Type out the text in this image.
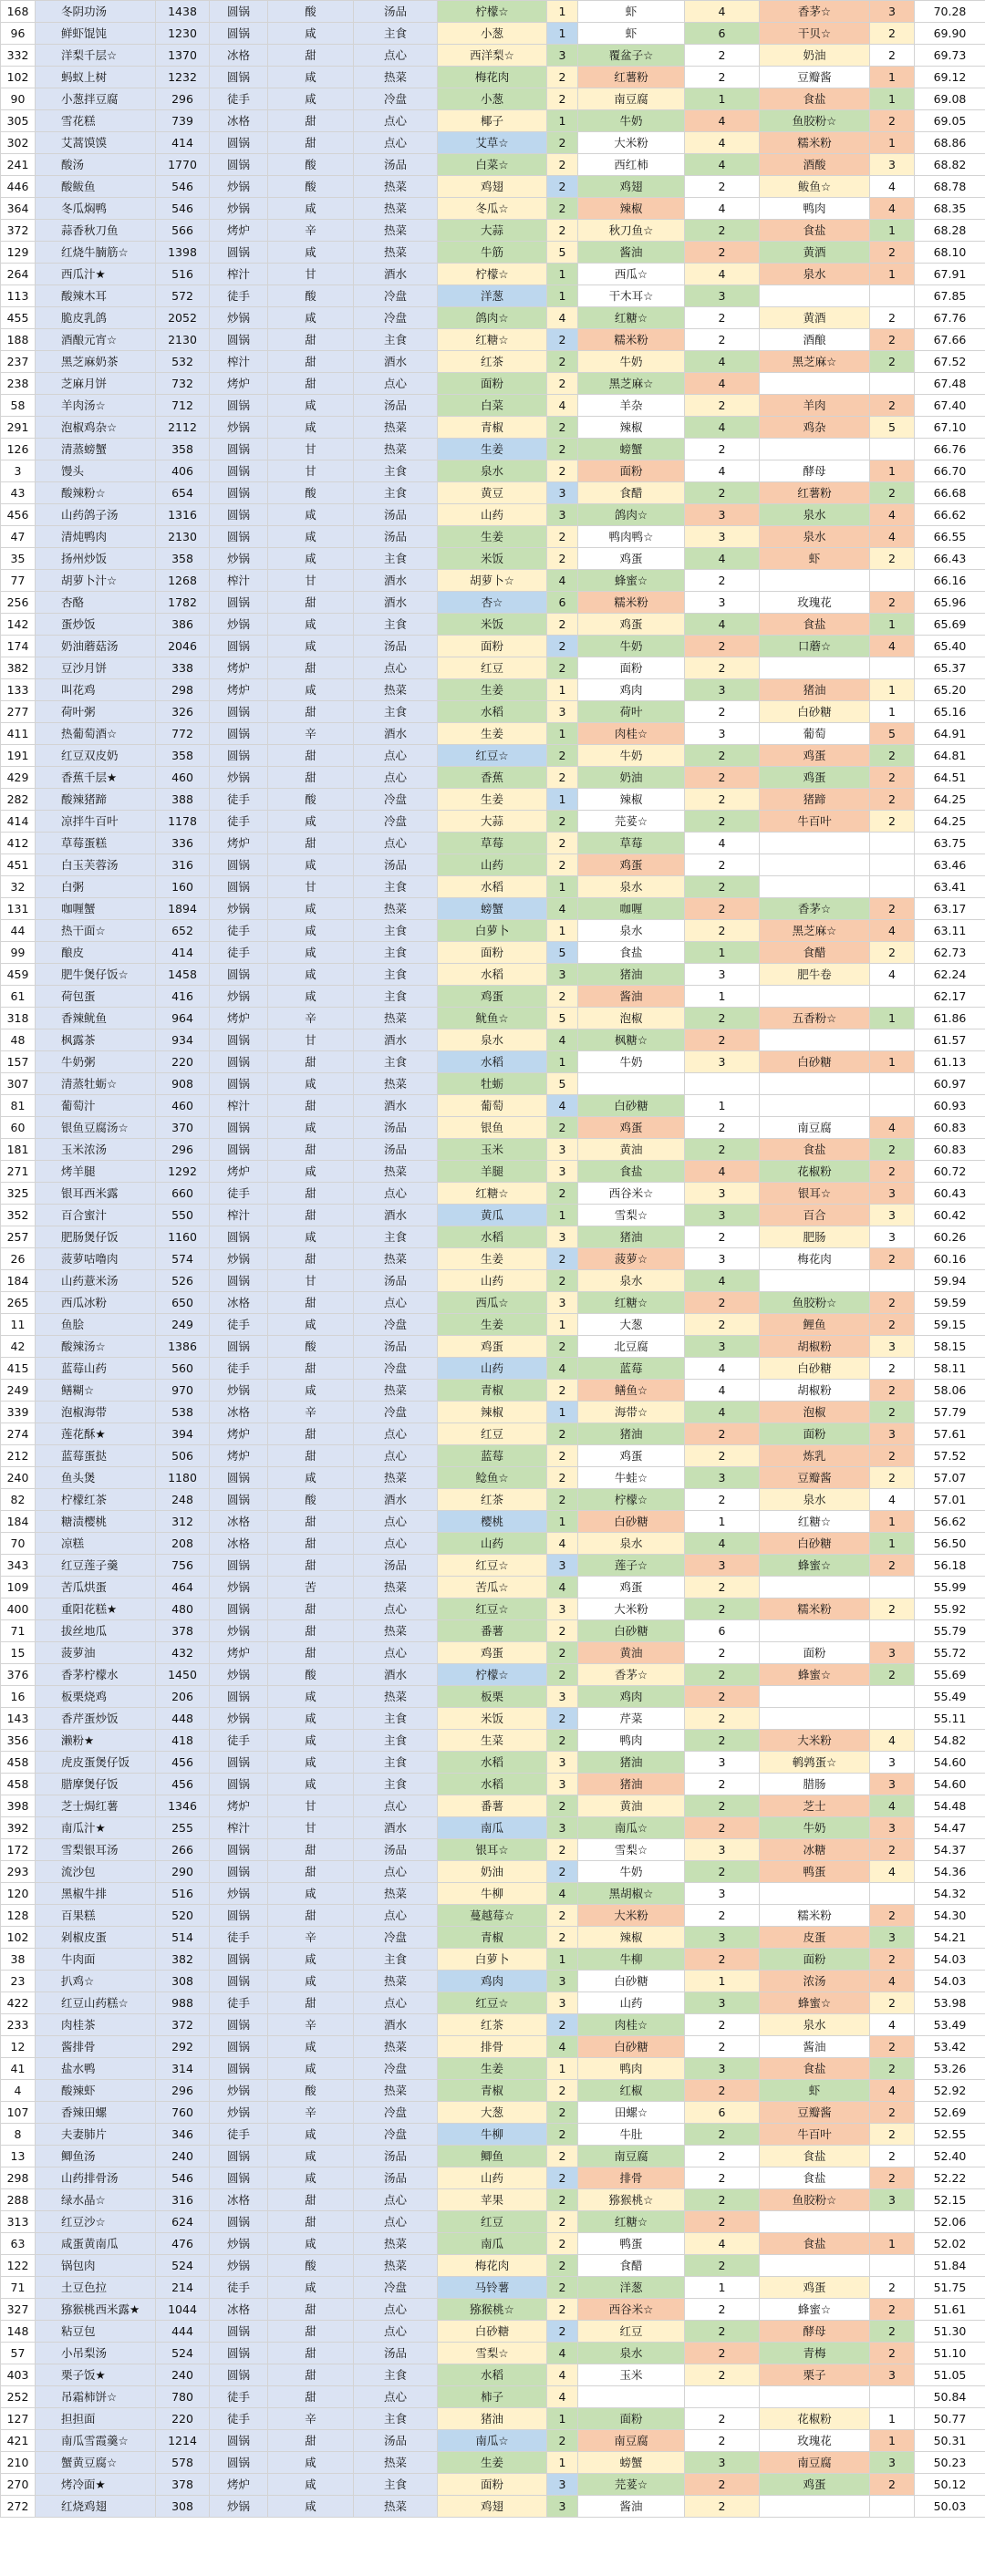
168	冬阴功汤	1438	圆锅	酸	汤品	柠檬☆	1	虾	4	香茅☆	3	70.28
96	鲜虾馄饨	1230	圆锅	咸	主食	小葱	1	虾	6	干贝☆	2	69.90
332	洋梨千层☆	1370	冰格	甜	点心	西洋梨☆	3	覆盆子☆	2	奶油	2	69.73
102	蚂蚁上树	1232	圆锅	咸	热菜	梅花肉	2	红薯粉	2	豆瓣酱	1	69.12
90	小葱拌豆腐	296	徒手	咸	冷盘	小葱	2	南豆腐	1	食盐	1	69.08
305	雪花糕	739	冰格	甜	点心	椰子	1	牛奶	4	鱼胶粉☆	2	69.05
302	艾蒿馍馍	414	圆锅	甜	点心	艾草☆	2	大米粉	4	糯米粉	1	68.86
241	酸汤	1770	圆锅	酸	汤品	白菜☆	2	西红柿	4	酒酸	3	68.82
446	酸鲅鱼	546	炒锅	酸	热菜	鸡翅	2	鸡翅	2	鲅鱼☆	4	68.78
364	冬瓜焖鸭	546	炒锅	咸	热菜	冬瓜☆	2	辣椒	4	鸭肉	4	68.35
372	蒜香秋刀鱼	566	烤炉	辛	热菜	大蒜	2	秋刀鱼☆	2	食盐	1	68.28
129	红烧牛腩筋☆	1398	圆锅	咸	热菜	牛筋	5	酱油	2	黄酒	2	68.10
264	西瓜汁★	516	榨汁	甘	酒水	柠檬☆	1	西瓜☆	4	泉水	1	67.91
113	酸辣木耳	572	徒手	酸	冷盘	洋葱	1	干木耳☆	3			67.85
455	脆皮乳鸽	2052	炒锅	咸	冷盘	鸽肉☆	4	红糖☆	2	黄酒	2	67.76
188	酒酿元宵☆	2130	圆锅	甜	主食	红糖☆	2	糯米粉	2	酒酿	2	67.66
237	黑芝麻奶茶	532	榨汁	甜	酒水	红茶	2	牛奶	4	黑芝麻☆	2	67.52
238	芝麻月饼	732	烤炉	甜	点心	面粉	2	黑芝麻☆	4			67.48
58	羊肉汤☆	712	圆锅	咸	汤品	白菜	4	羊杂	2	羊肉	2	67.40
291	泡椒鸡杂☆	2112	炒锅	咸	热菜	青椒	2	辣椒	4	鸡杂	5	67.10
126	清蒸螃蟹	358	圆锅	甘	热菜	生姜	2	螃蟹	2			66.76
3	馒头	406	圆锅	甘	主食	泉水	2	面粉	4	酵母	1	66.70
43	酸辣粉☆	654	圆锅	酸	主食	黄豆	3	食醋	2	红薯粉	2	66.68
456	山药鸽子汤	1316	圆锅	咸	汤品	山药	3	鸽肉☆	3	泉水	4	66.62
47	清炖鸭肉	2130	圆锅	咸	汤品	生姜	2	鸭肉鸭☆	3	泉水	4	66.55
35	扬州炒饭	358	炒锅	咸	主食	米饭	2	鸡蛋	4	虾	2	66.43
77	胡萝卜汁☆	1268	榨汁	甘	酒水	胡萝卜☆	4	蜂蜜☆	2			66.16
256	杏酪	1782	圆锅	甜	酒水	杏☆	6	糯米粉	3	玫瑰花	2	65.96
142	蛋炒饭	386	炒锅	咸	主食	米饭	2	鸡蛋	4	食盐	1	65.69
174	奶油蘑菇汤	2046	圆锅	咸	汤品	面粉	2	牛奶	2	口蘑☆	4	65.40
382	豆沙月饼	338	烤炉	甜	点心	红豆	2	面粉	2			65.37
133	叫花鸡	298	烤炉	咸	热菜	生姜	1	鸡肉	3	猪油	1	65.20
277	荷叶粥	326	圆锅	甜	主食	水稻	3	荷叶	2	白砂糖	1	65.16
411	热葡萄酒☆	772	圆锅	辛	酒水	生姜	1	肉桂☆	3	葡萄	5	64.91
191	红豆双皮奶	358	圆锅	甜	点心	红豆☆	2	牛奶	2	鸡蛋	2	64.81
429	香蕉千层★	460	炒锅	甜	点心	香蕉	2	奶油	2	鸡蛋	2	64.51
282	酸辣猪蹄	388	徒手	酸	冷盘	生姜	1	辣椒	2	猪蹄	2	64.25
414	凉拌牛百叶	1178	徒手	咸	冷盘	大蒜	2	芫荽☆	2	牛百叶	2	64.25
412	草莓蛋糕	336	烤炉	甜	点心	草莓	2	草莓	4			63.75
451	白玉芙蓉汤	316	圆锅	咸	汤品	山药	2	鸡蛋	2			63.46
32	白粥	160	圆锅	甘	主食	水稻	1	泉水	2			63.41
131	咖喱蟹	1894	炒锅	咸	热菜	螃蟹	4	咖喱	2	香茅☆	2	63.17
44	热干面☆	652	徒手	咸	主食	白萝卜	1	泉水	2	黑芝麻☆	4	63.11
99	酿皮	414	徒手	咸	主食	面粉	5	食盐	1	食醋	2	62.73
459	肥牛煲仔饭☆	1458	圆锅	咸	主食	水稻	3	猪油	3	肥牛卷	4	62.24
61	荷包蛋	416	炒锅	咸	主食	鸡蛋	2	酱油	1			62.17
318	香辣鱿鱼	964	烤炉	辛	热菜	鱿鱼☆	5	泡椒	2	五香粉☆	1	61.86
48	枫露茶	934	圆锅	甘	酒水	泉水	4	枫糖☆	2			61.57
157	牛奶粥	220	圆锅	甜	主食	水稻	1	牛奶	3	白砂糖	1	61.13
307	清蒸牡蛎☆	908	圆锅	咸	热菜	牡蛎	5					60.97
81	葡萄汁	460	榨汁	甜	酒水	葡萄	4	白砂糖	1			60.93
60	银鱼豆腐汤☆	370	圆锅	咸	汤品	银鱼	2	鸡蛋	2	南豆腐	4	60.83
181	玉米浓汤	296	圆锅	甜	汤品	玉米	3	黄油	2	食盐	2	60.83
271	烤羊腿	1292	烤炉	咸	热菜	羊腿	3	食盐	4	花椒粉	2	60.72
325	银耳西米露	660	徒手	甜	点心	红糖☆	2	西谷米☆	3	银耳☆	3	60.43
352	百合蜜汁	550	榨汁	甜	酒水	黄瓜	1	雪梨☆	3	百合	3	60.42
257	肥肠煲仔饭	1160	圆锅	咸	主食	水稻	3	猪油	2	肥肠	3	60.26
26	菠萝咕噜肉	574	炒锅	甜	热菜	生姜	2	菠萝☆	3	梅花肉	2	60.16
184	山药薏米汤	526	圆锅	甘	汤品	山药	2	泉水	4			59.94
265	西瓜冰粉	650	冰格	甜	点心	西瓜☆	3	红糖☆	2	鱼胶粉☆	2	59.59
11	鱼脍	249	徒手	咸	冷盘	生姜	1	大葱	2	鲤鱼	2	59.15
42	酸辣汤☆	1386	圆锅	酸	汤品	鸡蛋	2	北豆腐	3	胡椒粉	3	58.15
415	蓝莓山药	560	徒手	甜	冷盘	山药	4	蓝莓	4	白砂糖	2	58.11
249	鳝糊☆	970	炒锅	咸	热菜	青椒	2	鳝鱼☆	4	胡椒粉	2	58.06
339	泡椒海带	538	冰格	辛	冷盘	辣椒	1	海带☆	4	泡椒	2	57.79
274	莲花酥★	394	烤炉	甜	点心	红豆	2	猪油	2	面粉	3	57.61
212	蓝莓蛋挞	506	烤炉	甜	点心	蓝莓	2	鸡蛋	2	炼乳	2	57.52
240	鱼头煲	1180	圆锅	咸	热菜	鲶鱼☆	2	牛蛙☆	3	豆瓣酱	2	57.07
82	柠檬红茶	248	圆锅	酸	酒水	红茶	2	柠檬☆	2	泉水	4	57.01
184	糖渍樱桃	312	冰格	甜	点心	樱桃	1	白砂糖	1	红糖☆	1	56.62
70	凉糕	208	冰格	甜	点心	山药	4	泉水	4	白砂糖	1	56.50
343	红豆莲子羹	756	圆锅	甜	汤品	红豆☆	3	莲子☆	3	蜂蜜☆	2	56.18
109	苦瓜烘蛋	464	炒锅	苦	热菜	苦瓜☆	4	鸡蛋	2			55.99
400	重阳花糕★	480	圆锅	甜	点心	红豆☆	3	大米粉	2	糯米粉	2	55.92
71	拔丝地瓜	378	炒锅	甜	热菜	番薯	2	白砂糖	6			55.79
15	菠萝油	432	烤炉	甜	点心	鸡蛋	2	黄油	2	面粉	3	55.72
376	香茅柠檬水	1450	炒锅	酸	酒水	柠檬☆	2	香茅☆	2	蜂蜜☆	2	55.69
16	板栗烧鸡	206	圆锅	咸	热菜	板栗	3	鸡肉	2			55.49
143	香芹蛋炒饭	448	炒锅	咸	主食	米饭	2	芹菜	2			55.11
356	濑粉★	418	徒手	咸	主食	生菜	2	鸭肉	2	大米粉	4	54.82
458	虎皮蛋煲仔饭	456	圆锅	咸	主食	水稻	3	猪油	3	鹌鹑蛋☆	3	54.60
458	腊摩煲仔饭	456	圆锅	咸	主食	水稻	3	猪油	2	腊肠	3	54.60
398	芝士焗红薯	1346	烤炉	甘	点心	番薯	2	黄油	2	芝士	4	54.48
392	南瓜汁★	255	榨汁	甘	酒水	南瓜	3	南瓜☆	2	牛奶	3	54.47
172	雪梨银耳汤	266	圆锅	甜	汤品	银耳☆	2	雪梨☆	3	冰糖	2	54.37
293	流沙包	290	圆锅	甜	点心	奶油	2	牛奶	2	鸭蛋	4	54.36
120	黑椒牛排	516	炒锅	咸	热菜	牛柳	4	黑胡椒☆	3			54.32
128	百果糕	520	圆锅	甜	点心	蔓越莓☆	2	大米粉	2	糯米粉	2	54.30
102	剁椒皮蛋	514	徒手	辛	冷盘	青椒	2	辣椒	3	皮蛋	3	54.21
38	牛肉面	382	圆锅	咸	主食	白萝卜	1	牛柳	2	面粉	2	54.03
23	扒鸡☆	308	圆锅	咸	热菜	鸡肉	3	白砂糖	1	浓汤	4	54.03
422	红豆山药糕☆	988	徒手	甜	点心	红豆☆	3	山药	3	蜂蜜☆	2	53.98
233	肉桂茶	372	圆锅	辛	酒水	红茶	2	肉桂☆	2	泉水	4	53.49
12	酱排骨	292	圆锅	咸	热菜	排骨	4	白砂糖	2	酱油	2	53.42
41	盐水鸭	314	圆锅	咸	冷盘	生姜	1	鸭肉	3	食盐	2	53.26
4	酸辣虾	296	炒锅	酸	热菜	青椒	2	红椒	2	虾	4	52.92
107	香辣田螺	760	炒锅	辛	冷盘	大葱	2	田螺☆	6	豆瓣酱	2	52.69
8	夫妻肺片	346	徒手	咸	冷盘	牛柳	2	牛肚	2	牛百叶	2	52.55
13	鲫鱼汤	240	圆锅	咸	汤品	鲫鱼	2	南豆腐	2	食盐	2	52.40
298	山药排骨汤	546	圆锅	咸	汤品	山药	2	排骨	2	食盐	2	52.22
288	绿水晶☆	316	冰格	甜	点心	苹果	2	猕猴桃☆	2	鱼胶粉☆	3	52.15
313	红豆沙☆	624	圆锅	甜	点心	红豆	2	红糖☆	2			52.06
63	咸蛋黄南瓜	476	炒锅	咸	热菜	南瓜	2	鸭蛋	4	食盐	1	52.02
122	锅包肉	524	炒锅	酸	热菜	梅花肉	2	食醋	2			51.84
71	土豆色拉	214	徒手	咸	冷盘	马铃薯	2	洋葱	1	鸡蛋	2	51.75
327	猕猴桃西米露★	1044	冰格	甜	点心	猕猴桃☆	2	西谷米☆	2	蜂蜜☆	2	51.61
148	粘豆包	444	圆锅	甜	点心	白砂糖	2	红豆	2	酵母	2	51.30
57	小吊梨汤	524	圆锅	甜	汤品	雪梨☆	4	泉水	2	青梅	2	51.10
403	栗子饭★	240	圆锅	甜	主食	水稻	4	玉米	2	栗子	3	51.05
252	吊霜柿饼☆	780	徒手	甜	点心	柿子	4					50.84
127	担担面	220	徒手	辛	主食	猪油	1	面粉	2	花椒粉	1	50.77
421	南瓜雪霞羹☆	1214	圆锅	甜	汤品	南瓜☆	2	南豆腐	2	玫瑰花	1	50.31
210	蟹黄豆腐☆	578	圆锅	咸	热菜	生姜	1	螃蟹	3	南豆腐	3	50.23
270	烤冷面★	378	烤炉	咸	主食	面粉	3	芫荽☆	2	鸡蛋	2	50.12
272	红烧鸡翅	308	炒锅	咸	热菜	鸡翅	3	酱油	2			50.03
